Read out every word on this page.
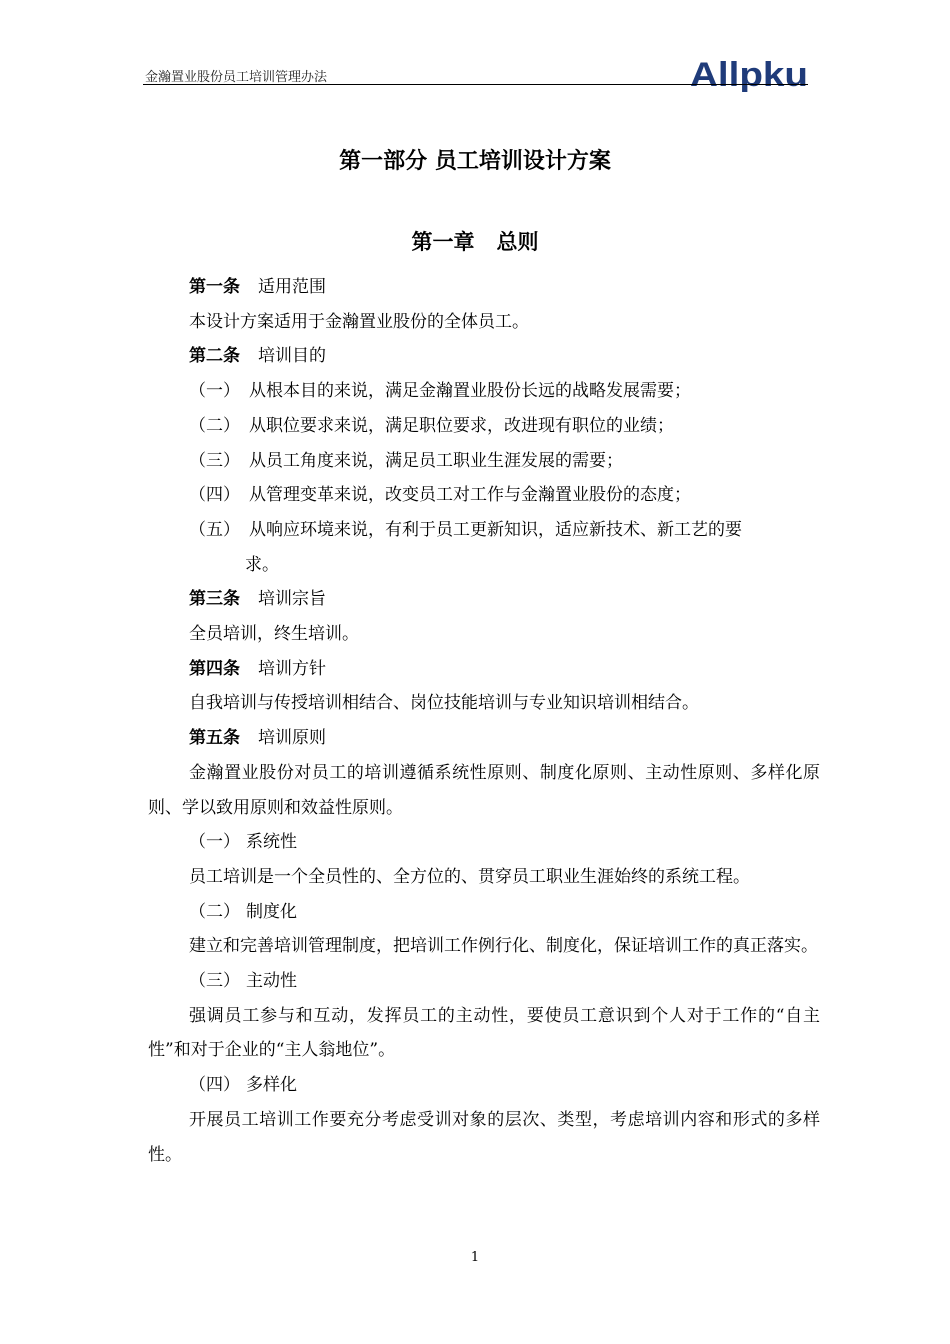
金瀚置业股份员工培训管理办法	Allpku
第一部分 员工培训设计方案
第一章 总则

第一条 适用范围

本设计方案适用于金瀚置业股份的全体员工。

第二条 培训目的

（一） 从根本目的来说，满足金瀚置业股份长远的战略发展需要；

（二） 从职位要求来说，满足职位要求，改进现有职位的业绩；

（三） 从员工角度来说，满足员工职业生涯发展的需要；

（四） 从管理变革来说，改变员工对工作与金瀚置业股份的态度；

（五） 从响应环境来说，有利于员工更新知识，适应新技术、新工艺的要

求。

第三条 培训宗旨

全员培训，终生培训。

第四条 培训方针

自我培训与传授培训相结合、岗位技能培训与专业知识培训相结合。

第五条 培训原则

金瀚置业股份对员工的培训遵循系统性原则、制度化原则、主动性原则、多样化原则、学以致用原则和效益性原则。

（一） 系统性

员工培训是一个全员性的、全方位的、贯穿员工职业生涯始终的系统工程。

（二） 制度化

建立和完善培训管理制度，把培训工作例行化、制度化，保证培训工作的真正落实。

（三） 主动性

强调员工参与和互动，发挥员工的主动性，要使员工意识到个人对于工作的“自主性”和对于企业的“主人翁地位”。

（四） 多样化

开展员工培训工作要充分考虑受训对象的层次、类型，考虑培训内容和形式的多样性。

1
